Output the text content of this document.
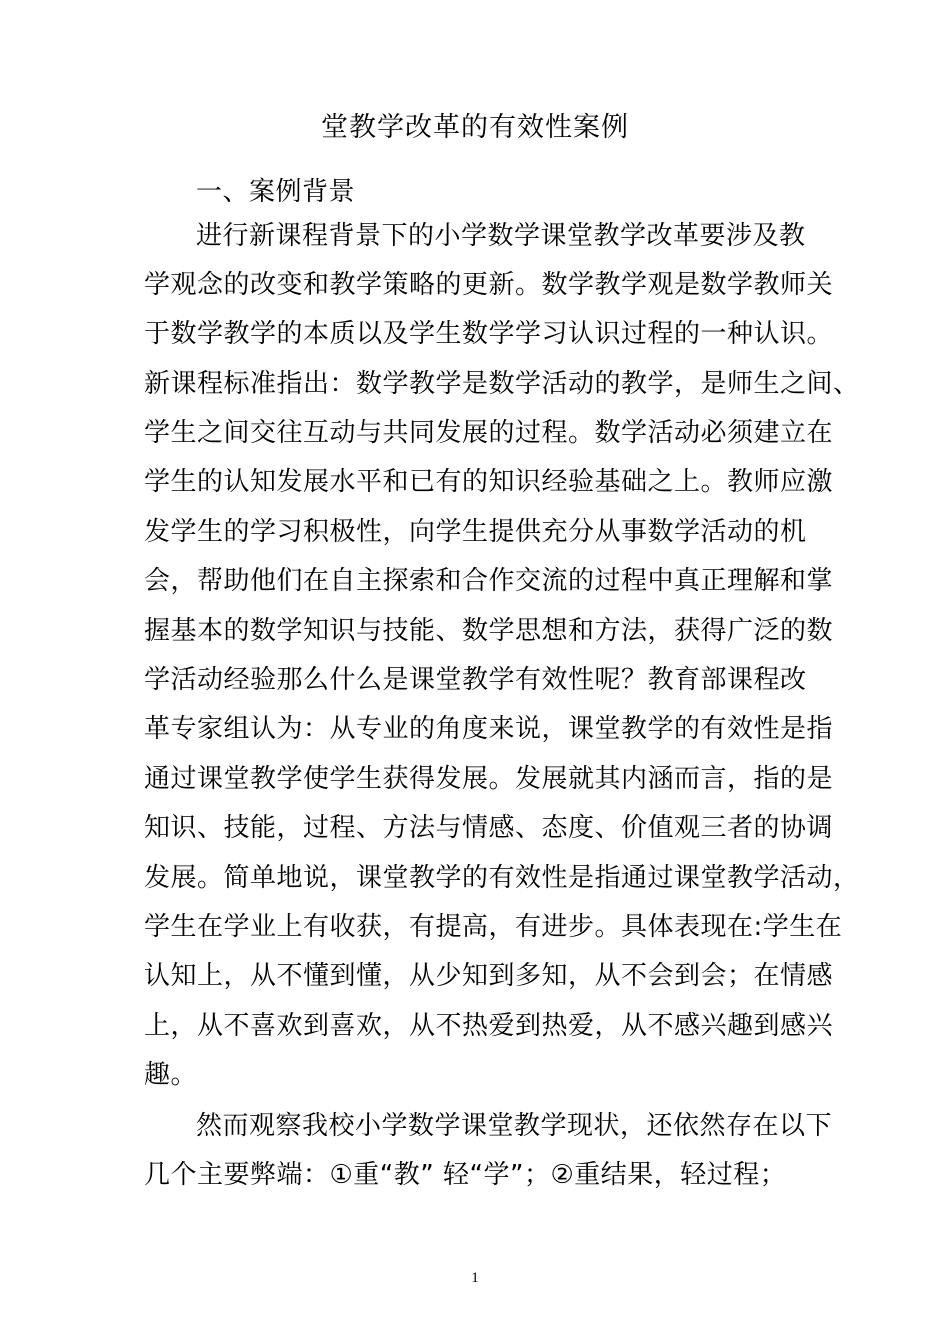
堂教学改革的有效性案例
一、案例背景
进行新课程背景下的小学数学课堂教学改革要涉及教
学观念的改变和教学策略的更新。数学教学观是数学教师关
于数学教学的本质以及学生数学学习认识过程的一种认识。
新课程标准指出：数学教学是数学活动的教学，是师生之间、
学生之间交往互动与共同发展的过程。数学活动必须建立在
学生的认知发展水平和已有的知识经验基础之上。教师应激
发学生的学习积极性，向学生提供充分从事数学活动的机
会，帮助他们在自主探索和合作交流的过程中真正理解和掌
握基本的数学知识与技能、数学思想和方法，获得广泛的数
学活动经验那么什么是课堂教学有效性呢？教育部课程改
革专家组认为：从专业的角度来说，课堂教学的有效性是指
通过课堂教学使学生获得发展。发展就其内涵而言，指的是
知识、技能，过程、方法与情感、态度、价值观三者的协调
发展。简单地说，课堂教学的有效性是指通过课堂教学活动，
学生在学业上有收获，有提高，有进步。具体表现在:学生在
认知上，从不懂到懂，从少知到多知，从不会到会；在情感
上，从不喜欢到喜欢，从不热爱到热爱，从不感兴趣到感兴
趣。
然而观察我校小学数学课堂教学现状，还依然存在以下
几个主要弊端：①重“教” 轻“学”；②重结果，轻过程；
1
